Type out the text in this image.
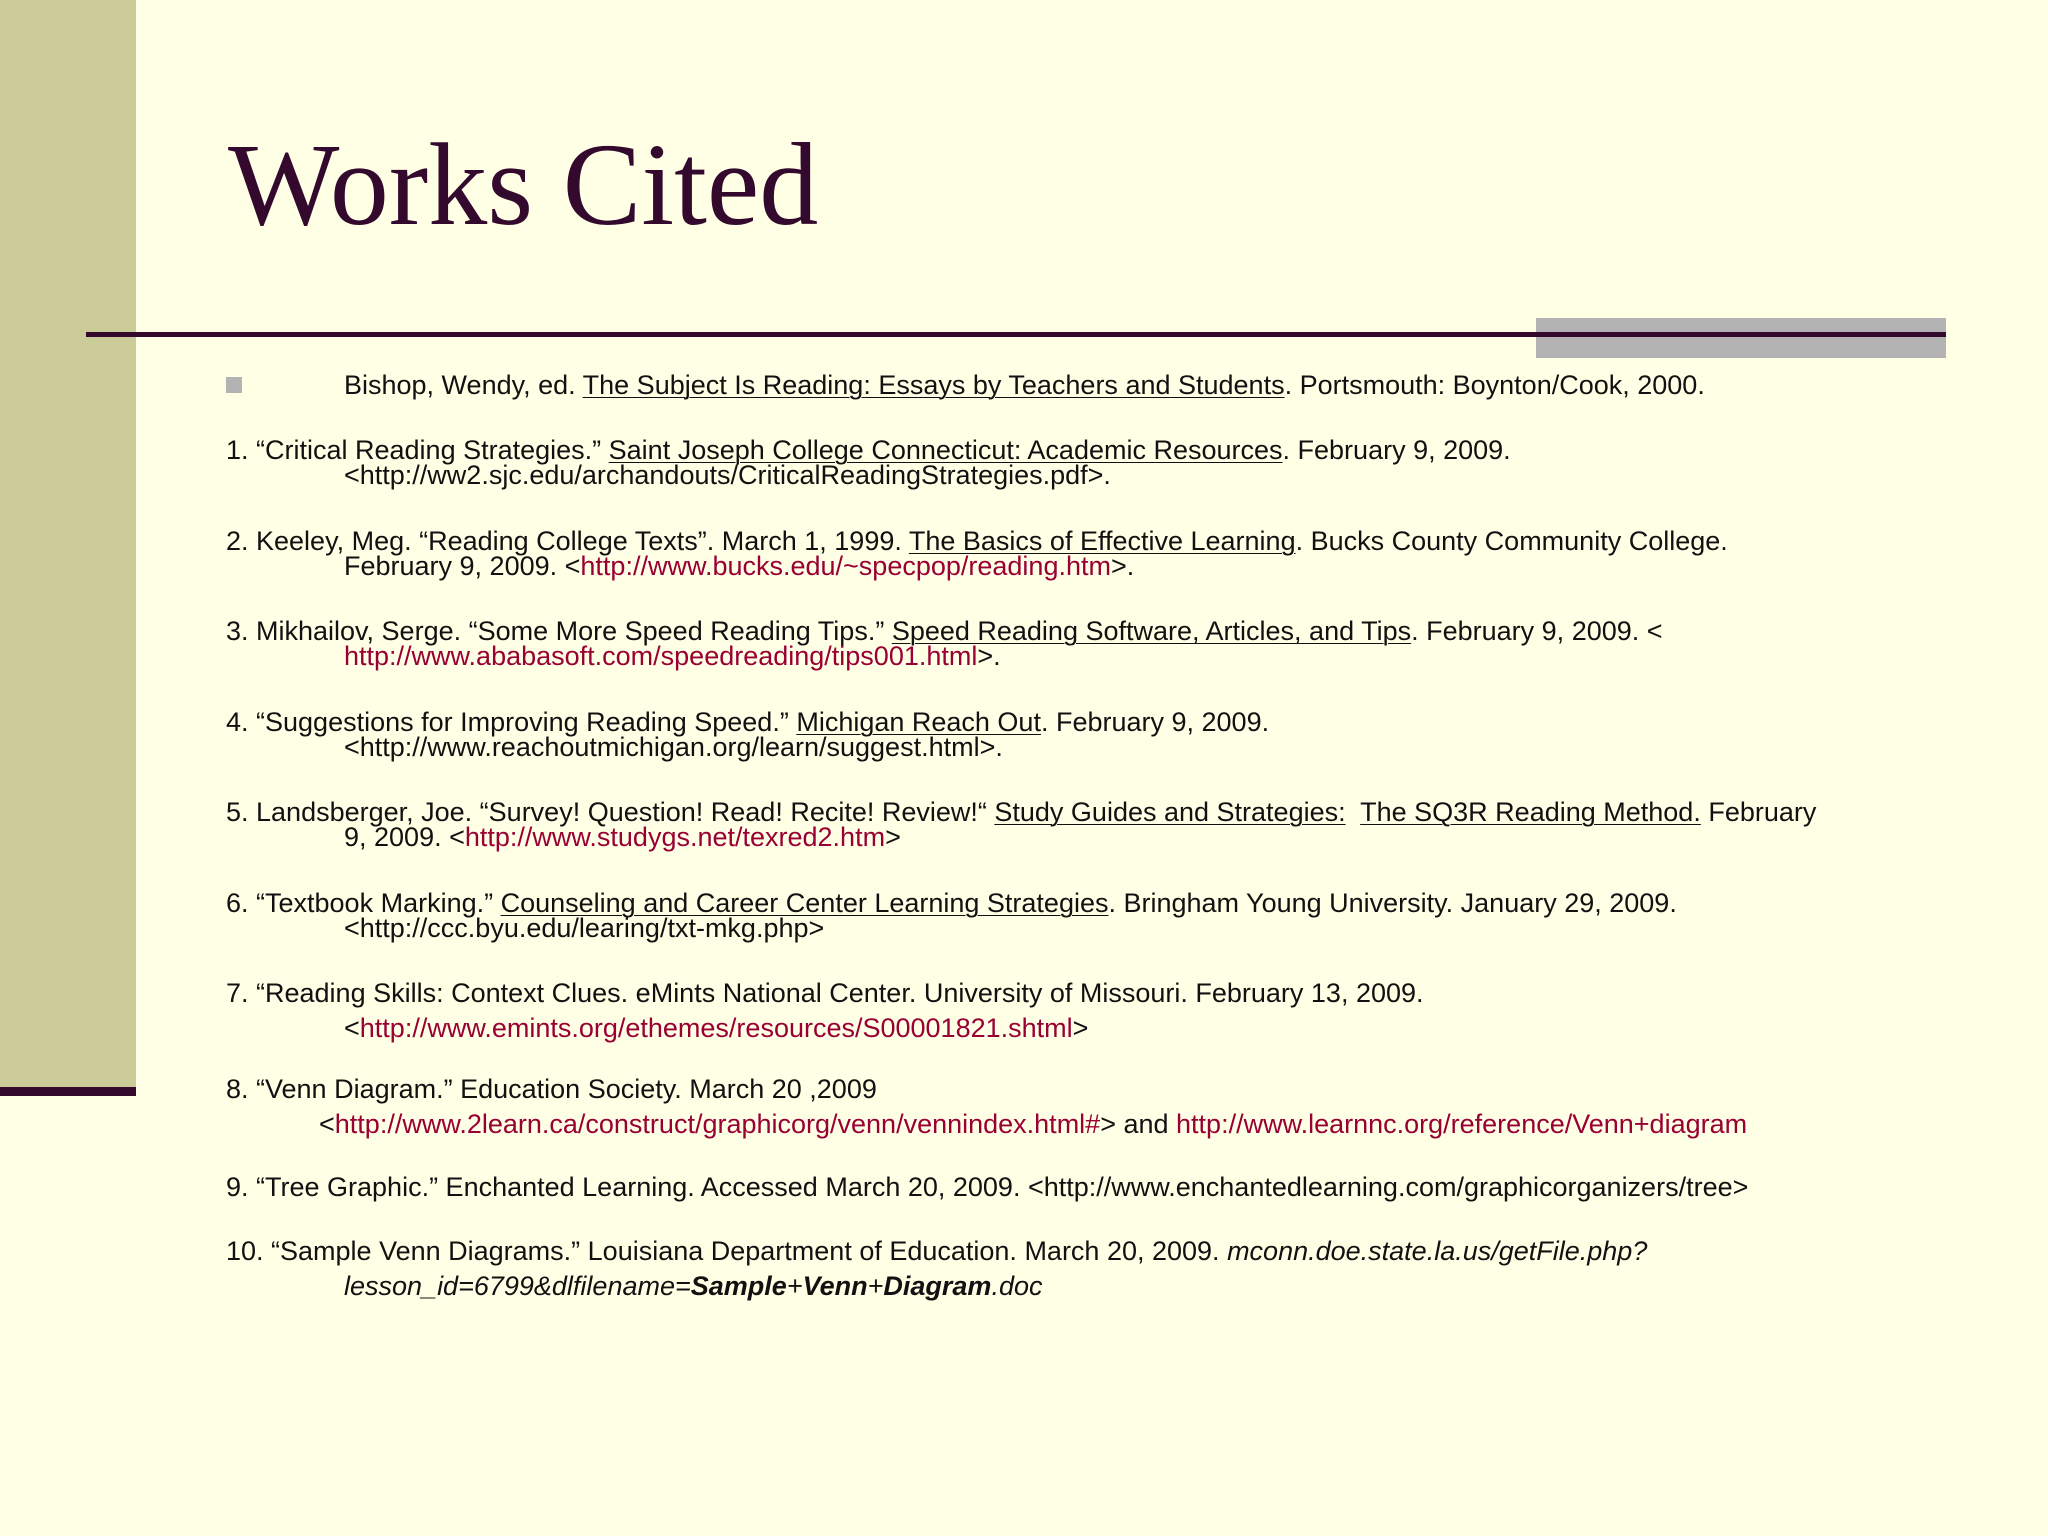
Works Cited
Bishop, Wendy, ed. The Subject Is Reading: Essays by Teachers and Students. Portsmouth: Boynton/Cook, 2000.
1. “Critical Reading Strategies.” Saint Joseph College Connecticut: Academic Resources. February 9, 2009.
<http://ww2.sjc.edu/archandouts/CriticalReadingStrategies.pdf>.
2. Keeley, Meg. “Reading College Texts”. March 1, 1999. The Basics of Effective Learning. Bucks County Community College.
February 9, 2009. <http://www.bucks.edu/~specpop/reading.htm>.
3. Mikhailov, Serge. “Some More Speed Reading Tips.” Speed Reading Software, Articles, and Tips. February 9, 2009. <
http://www.ababasoft.com/speedreading/tips001.html>.
4. “Suggestions for Improving Reading Speed.” Michigan Reach Out. February 9, 2009.
<http://www.reachoutmichigan.org/learn/suggest.html>.
5. Landsberger, Joe. “Survey! Question! Read! Recite! Review!“ Study Guides and Strategies: The SQ3R Reading Method. February
9, 2009. <http://www.studygs.net/texred2.htm>
6. “Textbook Marking.” Counseling and Career Center Learning Strategies. Bringham Young University. January 29, 2009.
<http://ccc.byu.edu/learing/txt-mkg.php>
7. “Reading Skills: Context Clues. eMints National Center. University of Missouri. February 13, 2009.
<http://www.emints.org/ethemes/resources/S00001821.shtml>
8. “Venn Diagram.” Education Society. March 20 ,2009
<http://www.2learn.ca/construct/graphicorg/venn/vennindex.html#> and http://www.learnnc.org/reference/Venn+diagram
9. “Tree Graphic.” Enchanted Learning. Accessed March 20, 2009. <http://www.enchantedlearning.com/graphicorganizers/tree>
10. “Sample Venn Diagrams.” Louisiana Department of Education. March 20, 2009. mconn.doe.state.la.us/getFile.php?
lesson_id=6799&dlfilename=Sample+Venn+Diagram.doc
